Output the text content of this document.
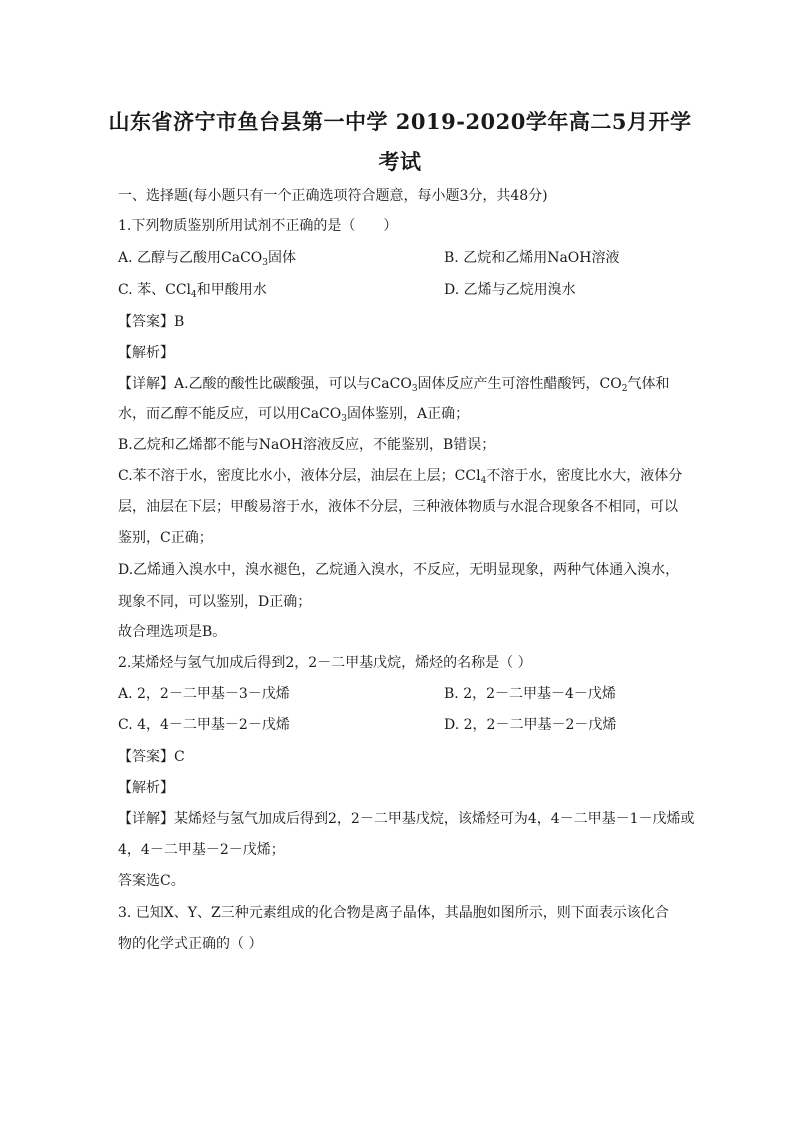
山东省济宁市鱼台县第一中学 2019-2020学年高二5月开学
考试
一、选择题(每小题只有一个正确选项符合题意，每小题3分，共48分)
1.下列物质鉴别所用试剂不正确的是（　　）
A. 乙醇与乙酸用CaCO$_3$固体	B. 乙烷和乙烯用NaOH溶液
C. 苯、CCl$_4$和甲酸用水	D. 乙烯与乙烷用溴水
【答案】B
【解析】
【详解】A.乙酸的酸性比碳酸强，可以与CaCO$_3$固体反应产生可溶性醋酸钙，$CO_2$气体和
水，而乙醇不能反应，可以用CaCO$_3$固体鉴别，A正确；
B.乙烷和乙烯都不能与NaOH溶液反应，不能鉴别，B错误；
C.苯不溶于水，密度比水小，液体分层，油层在上层；CCl$_4$不溶于水，密度比水大，液体分
层，油层在下层；甲酸易溶于水，液体不分层，三种液体物质与水混合现象各不相同，可以
鉴别，C正确；
D.乙烯通入溴水中，溴水褪色，乙烷通入溴水，不反应，无明显现象，两种气体通入溴水，
现象不同，可以鉴别，D正确；
故合理选项是B。
2.某烯烃与氢气加成后得到2，2－二甲基戊烷，烯烃的名称是（ ）
A. 2，2－二甲基－3－戊烯	B. 2，2－二甲基－4－戊烯
C. 4，4－二甲基－2－戊烯	D. 2，2－二甲基－2－戊烯
【答案】C
【解析】
【详解】某烯烃与氢气加成后得到2，2－二甲基戊烷，该烯烃可为4，4－二甲基－1－戊烯或
4，4－二甲基－2－戊烯；
答案选C。
3. 已知X、Y、Z三种元素组成的化合物是离子晶体，其晶胞如图所示，则下面表示该化合
物的化学式正确的（ ）
